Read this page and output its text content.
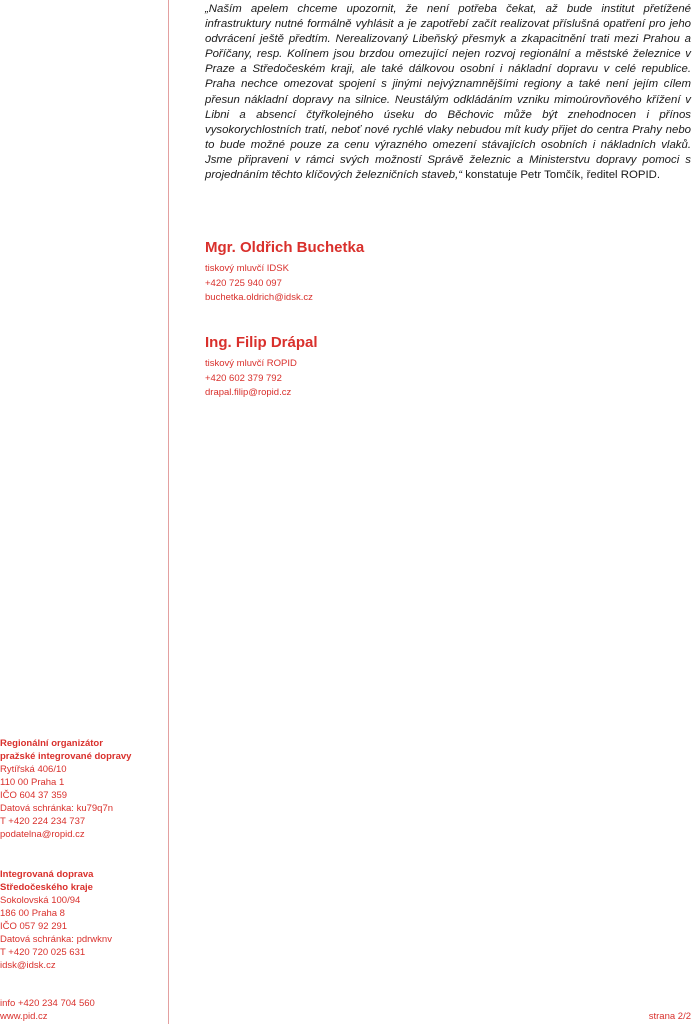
„Naším apelem chceme upozornit, že není potřeba čekat, až bude institut přetížené infrastruktury nutné formálně vyhlásit a je zapotřebí začít realizovat příslušná opatření pro jeho odvrácení ještě předtím. Nerealizovaný Libeňský přesmyk a zkapacitnění trati mezi Prahou a Poříčany, resp. Kolínem jsou brzdou omezující nejen rozvoj regionální a městské železnice v Praze a Středočeském kraji, ale také dálkovou osobní i nákladní dopravu v celé republice. Praha nechce omezovat spojení s jinými nejvýznamnějšími regiony a také není jejím cílem přesun nákladní dopravy na silnice. Neustálým odkládáním vzniku mimoúrovňového křížení v Libni a absencí čtyřkolejného úseku do Běchovic může být znehodnocen i přínos vysokorychlostních tratí, neboť nové rychlé vlaky nebudou mít kudy přijet do centra Prahy nebo to bude možné pouze za cenu výrazného omezení stávajících osobních i nákladních vlaků. Jsme připraveni v rámci svých možností Správě železnic a Ministerstvu dopravy pomoci s projednáním těchto klíčových železničních staveb,“ konstatuje Petr Tomčík, ředitel ROPID.
Mgr. Oldřich Buchetka
tiskový mluvčí IDSK
+420 725 940 097
buchetka.oldrich@idsk.cz
Ing. Filip Drápal
tiskový mluvčí ROPID
+420 602 379 792
drapal.filip@ropid.cz
Regionální organizátor
pražské integrované dopravy
Rytířská 406/10
110 00 Praha 1
IČO 604 37 359
Datová schránka: ku79q7n
T +420 224 234 737
podatelna@ropid.cz
Integrovaná doprava
Středočeského kraje
Sokolovská 100/94
186 00 Praha 8
IČO 057 92 291
Datová schránka: pdrwknv
T +420 720 025 631
idsk@idsk.cz
info +420 234 704 560
www.pid.cz	strana 2/2
